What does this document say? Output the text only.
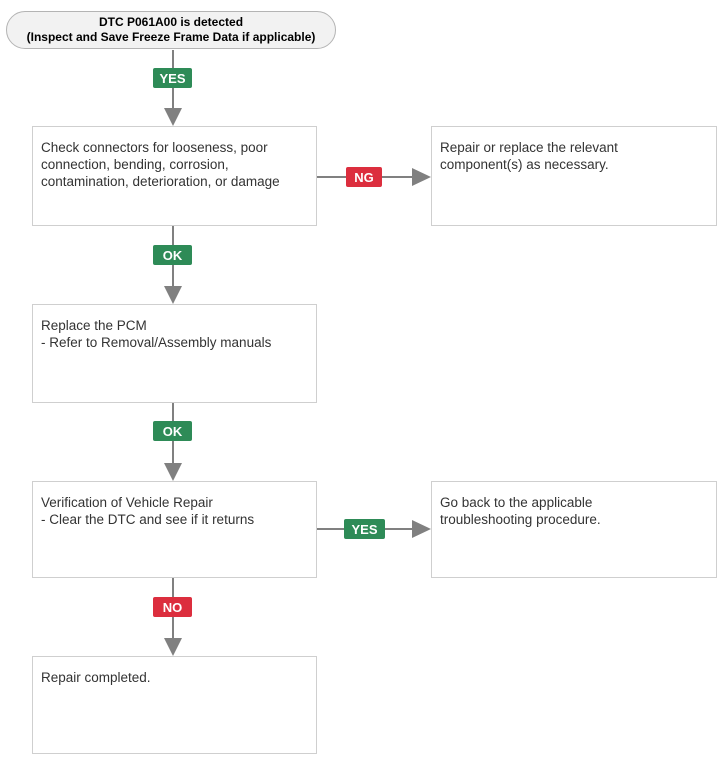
DTC P061A00 is detected
(Inspect and Save Freeze Frame Data if applicable)
YES
Check connectors for looseness, poor
connection, bending, corrosion,
contamination, deterioration, or damage	NG
Repair or replace the relevant
component(s) as necessary.
OK
Replace the PCM
- Refer to Removal/Assembly manuals
OK
Verification of Vehicle Repair
- Clear the DTC and see if it returns
YES
Go back to the applicable
troubleshooting procedure.
NO
Repair completed.
